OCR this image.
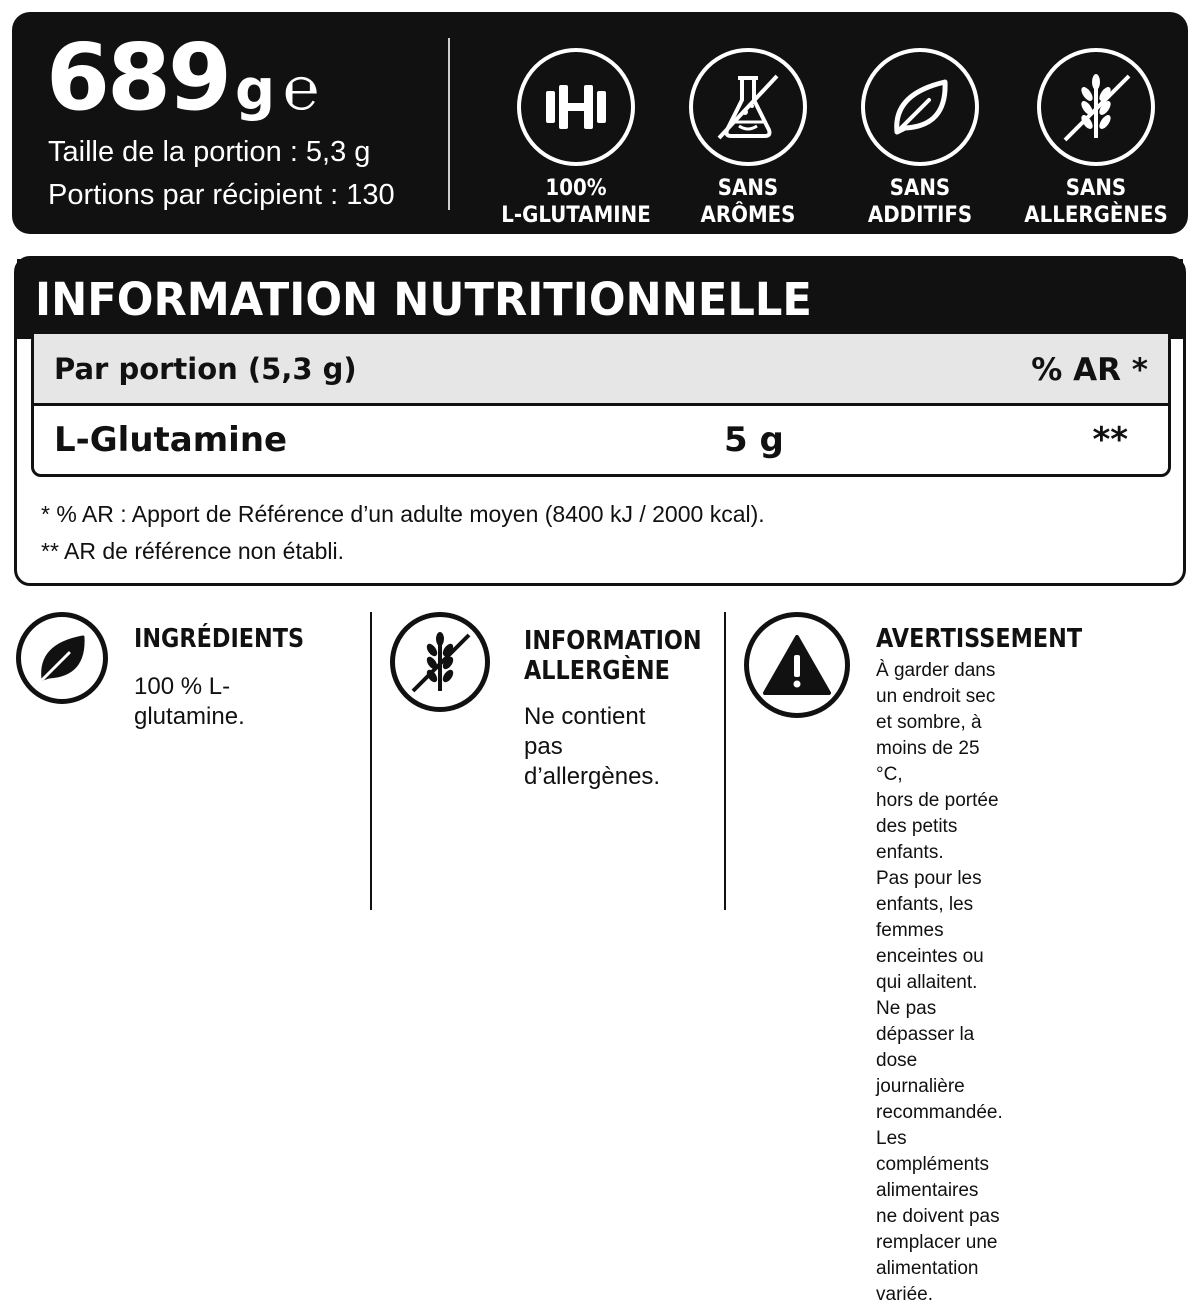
689 g ℮
Taille de la portion : 5,3 g
Portions par récipient : 130	100%
L-GLUTAMINE
SANS
ARÔMES
SANS
ADDITIFS
SANS
ALLERGÈNES
INFORMATION NUTRITIONNELLE
Par portion (5,3 g)	% AR *
L-Glutamine	5 g	**
* % AR : Apport de Référence d’un adulte moyen (8400 kJ / 2000 kcal).
** AR de référence non établi.
INGRÉDIENTS
100 % L-glutamine.
INFORMATION
ALLERGÈNE
Ne contient pas
d’allergènes.
AVERTISSEMENT
À garder dans un endroit sec
et sombre, à moins de 25 °C,
hors de portée des petits enfants.
Pas pour les enfants, les femmes
enceintes ou qui allaitent.
Ne pas dépasser la dose journalière
recommandée. Les compléments
alimentaires ne doivent pas
remplacer une alimentation variée.
